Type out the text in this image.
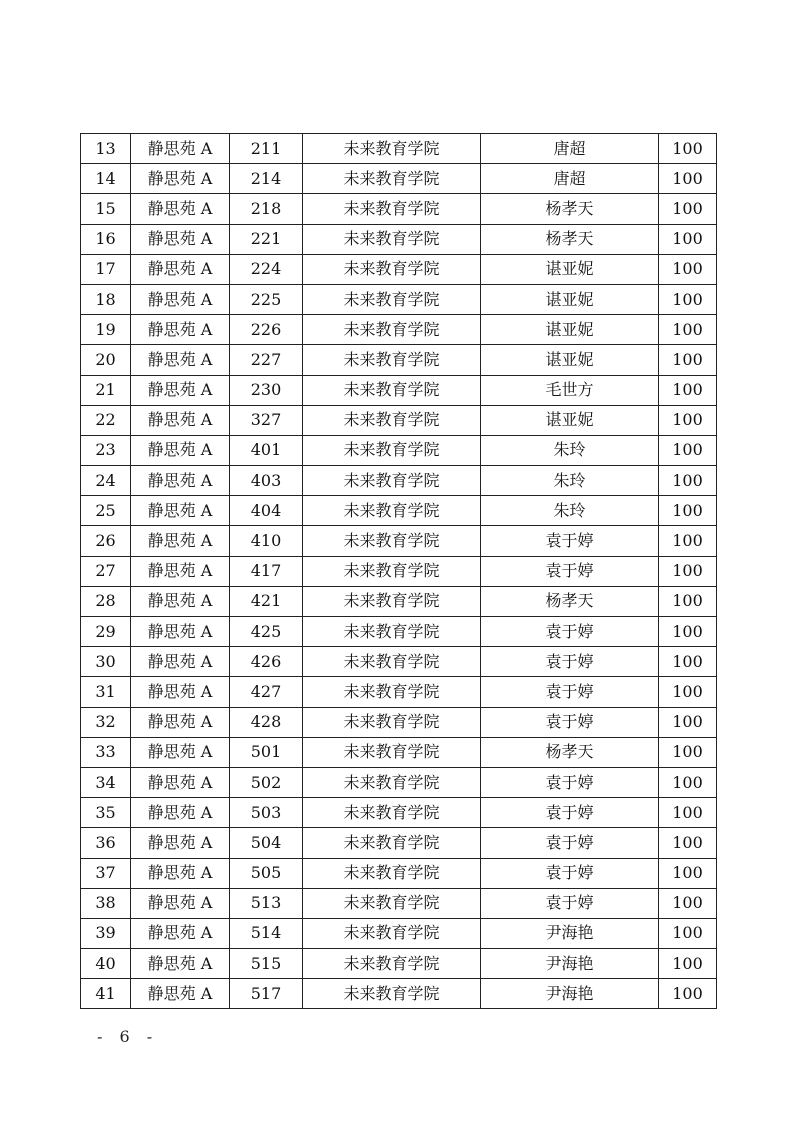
13	静思苑 A	211	未来教育学院	唐超	100
14	静思苑 A	214	未来教育学院	唐超	100
15	静思苑 A	218	未来教育学院	杨孝天	100
16	静思苑 A	221	未来教育学院	杨孝天	100
17	静思苑 A	224	未来教育学院	谌亚妮	100
18	静思苑 A	225	未来教育学院	谌亚妮	100
19	静思苑 A	226	未来教育学院	谌亚妮	100
20	静思苑 A	227	未来教育学院	谌亚妮	100
21	静思苑 A	230	未来教育学院	毛世方	100
22	静思苑 A	327	未来教育学院	谌亚妮	100
23	静思苑 A	401	未来教育学院	朱玲	100
24	静思苑 A	403	未来教育学院	朱玲	100
25	静思苑 A	404	未来教育学院	朱玲	100
26	静思苑 A	410	未来教育学院	袁于婷	100
27	静思苑 A	417	未来教育学院	袁于婷	100
28	静思苑 A	421	未来教育学院	杨孝天	100
29	静思苑 A	425	未来教育学院	袁于婷	100
30	静思苑 A	426	未来教育学院	袁于婷	100
31	静思苑 A	427	未来教育学院	袁于婷	100
32	静思苑 A	428	未来教育学院	袁于婷	100
33	静思苑 A	501	未来教育学院	杨孝天	100
34	静思苑 A	502	未来教育学院	袁于婷	100
35	静思苑 A	503	未来教育学院	袁于婷	100
36	静思苑 A	504	未来教育学院	袁于婷	100
37	静思苑 A	505	未来教育学院	袁于婷	100
38	静思苑 A	513	未来教育学院	袁于婷	100
39	静思苑 A	514	未来教育学院	尹海艳	100
40	静思苑 A	515	未来教育学院	尹海艳	100
41	静思苑 A	517	未来教育学院	尹海艳	100
- 6 -
